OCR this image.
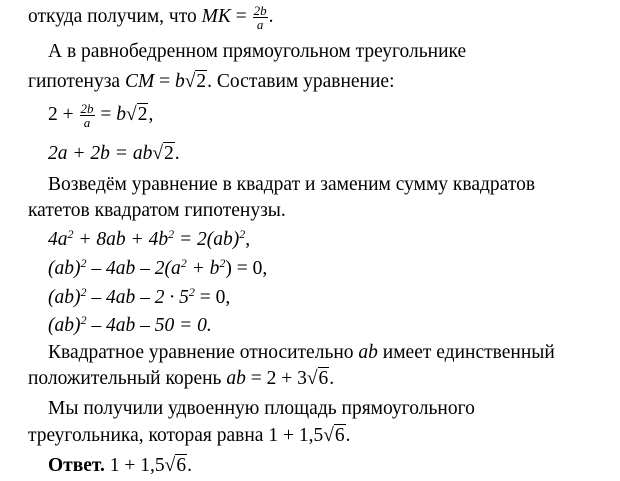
откуда получим, что MK = $\frac{2b}{a}$ .
А в равнобедренном прямоугольном треугольнике
гипотенуза CM = b√2. Составим уравнение:
$2 + \frac{2b}{a} = b√2$,
2a + 2b = ab√2.
Возведём уравнение в квадрат и заменим сумму квадратов
катетов квадратом гипотенузы.
$4a^2 + 8ab + 4b^2 = 2(ab)^2$,
$(ab)^2 - 4ab - 2(a^2 + b^2) = 0$,
$(ab)^2 - 4ab - 2 \cdot 5^2 = 0$,
(ab)$^2$ – 4ab – 50 = 0.
Квадратное уравнение относительно ab имеет единственный
положительный корень ab = 2 + 3√6.
Мы получили удвоенную площадь прямоугольного
треугольника, которая равна 1 + 1,5√6.
Ответ. 1 + 1,5√6.
